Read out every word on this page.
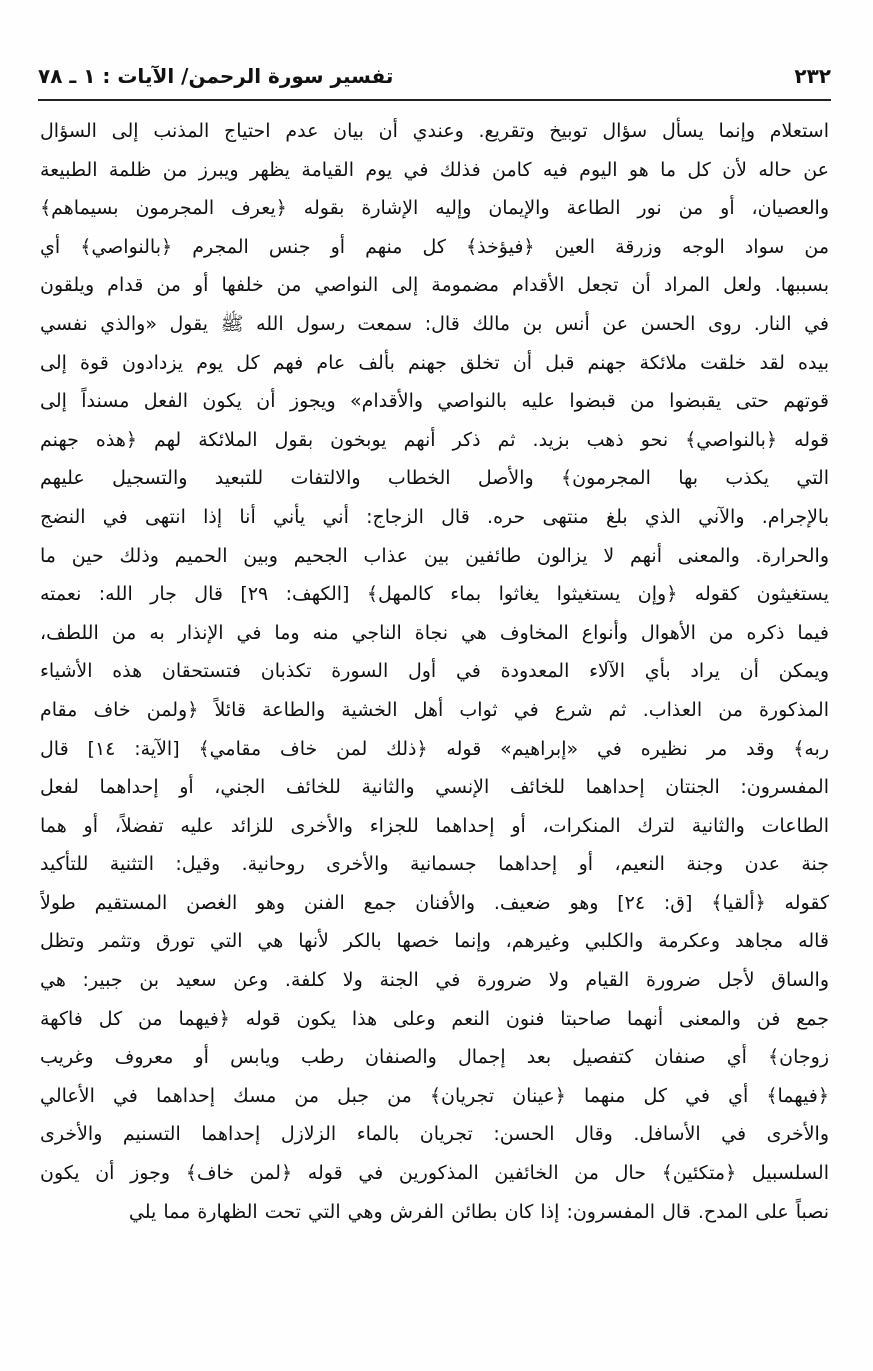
٢٣٢
تفسير سورة الرحمن/ الآيات : ١ ـ ٧٨
استعلام وإنما يسأل سؤال توبيخ وتقريع. وعندي أن بيان عدم احتياج المذنب إلى السؤال
عن حاله لأن كل ما هو اليوم فيه كامن فذلك في يوم القيامة يظهر ويبرز من ظلمة الطبيعة
والعصيان، أو من نور الطاعة والإيمان وإليه الإشارة بقوله ﴿يعرف المجرمون بسيماهم﴾
من سواد الوجه وزرقة العين ﴿فيؤخذ﴾ كل منهم أو جنس المجرم ﴿بالنواصي﴾ أي
بسببها. ولعل المراد أن تجعل الأقدام مضمومة إلى النواصي من خلفها أو من قدام ويلقون
في النار. روى الحسن عن أنس بن مالك قال: سمعت رسول الله ﷺ يقول «والذي نفسي
بيده لقد خلقت ملائكة جهنم قبل أن تخلق جهنم بألف عام فهم كل يوم يزدادون قوة إلى
قوتهم حتى يقبضوا من قبضوا عليه بالنواصي والأقدام» ويجوز أن يكون الفعل مسنداً إلى
قوله ﴿بالنواصي﴾ نحو ذهب بزيد. ثم ذكر أنهم يوبخون بقول الملائكة لهم ﴿هذه جهنم
التي يكذب بها المجرمون﴾ والأصل الخطاب والالتفات للتبعيد والتسجيل عليهم
بالإجرام. والآني الذي بلغ منتهى حره. قال الزجاج: أني يأني أنا إذا انتهى في النضج
والحرارة. والمعنى أنهم لا يزالون طائفين بين عذاب الجحيم وبين الحميم وذلك حين ما
يستغيثون كقوله ﴿وإن يستغيثوا يغاثوا بماء كالمهل﴾ [الكهف: ٢٩] قال جار الله: نعمته
فيما ذكره من الأهوال وأنواع المخاوف هي نجاة الناجي منه وما في الإنذار به من اللطف،
ويمكن أن يراد بأي الآلاء المعدودة في أول السورة تكذبان فتستحقان هذه الأشياء
المذكورة من العذاب. ثم شرع في ثواب أهل الخشية والطاعة قائلاً ﴿ولمن خاف مقام
ربه﴾ وقد مر نظيره في «إبراهيم» قوله ﴿ذلك لمن خاف مقامي﴾ [الآية: ١٤] قال
المفسرون: الجنتان إحداهما للخائف الإنسي والثانية للخائف الجني، أو إحداهما لفعل
الطاعات والثانية لترك المنكرات، أو إحداهما للجزاء والأخرى للزائد عليه تفضلاً، أو هما
جنة عدن وجنة النعيم، أو إحداهما جسمانية والأخرى روحانية. وقيل: التثنية للتأكيد
كقوله ﴿ألقيا﴾ [ق: ٢٤] وهو ضعيف. والأفنان جمع الفنن وهو الغصن المستقيم طولاً
قاله مجاهد وعكرمة والكلبي وغيرهم، وإنما خصها بالكر لأنها هي التي تورق وتثمر وتظل
والساق لأجل ضرورة القيام ولا ضرورة في الجنة ولا كلفة. وعن سعيد بن جبير: هي
جمع فن والمعنى أنهما صاحبتا فنون النعم وعلى هذا يكون قوله ﴿فيهما من كل فاكهة
زوجان﴾ أي صنفان كتفصيل بعد إجمال والصنفان رطب ويابس أو معروف وغريب
﴿فيهما﴾ أي في كل منهما ﴿عينان تجريان﴾ من جبل من مسك إحداهما في الأعالي
والأخرى في الأسافل. وقال الحسن: تجريان بالماء الزلازل إحداهما التسنيم والأخرى
السلسبيل ﴿متكئين﴾ حال من الخائفين المذكورين في قوله ﴿لمن خاف﴾ وجوز أن يكون
نصباً على المدح. قال المفسرون: إذا كان بطائن الفرش وهي التي تحت الظهارة مما يلي
